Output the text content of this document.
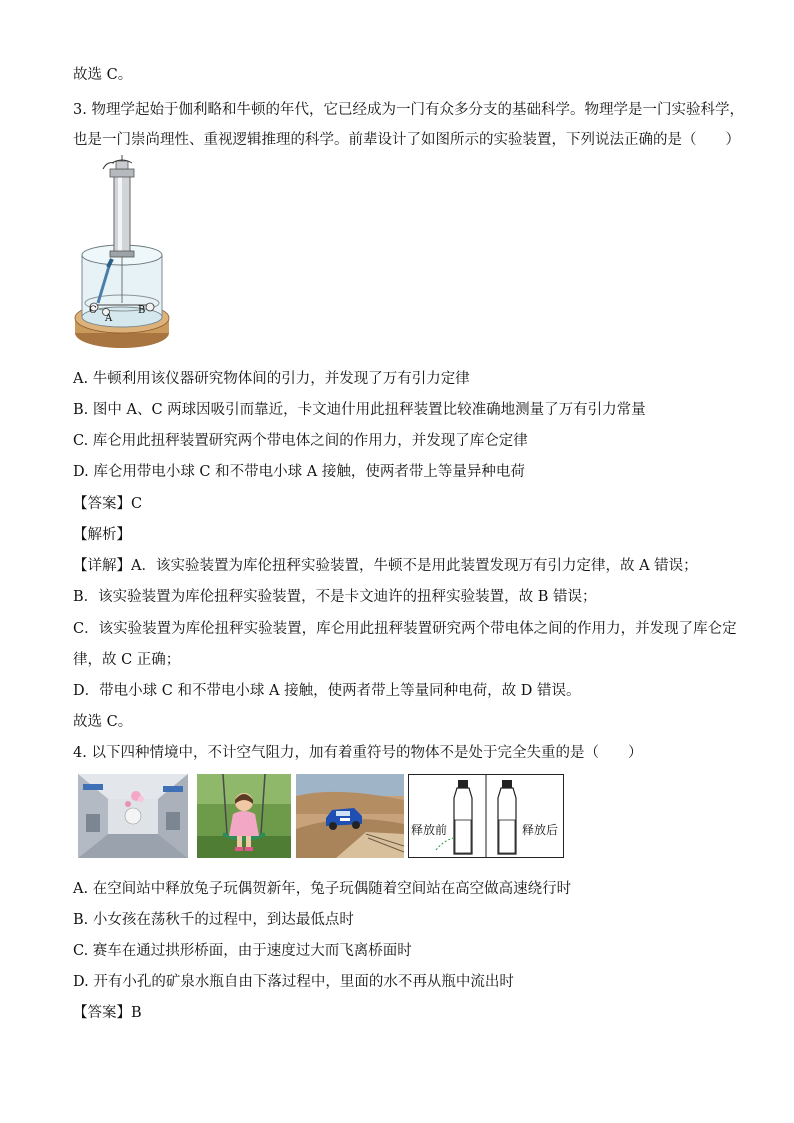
故选 C。
3. 物理学起始于伽利略和牛顿的年代，它已经成为一门有众多分支的基础科学。物理学是一门实验科学，
也是一门崇尚理性、重视逻辑推理的科学。前辈设计了如图所示的实验装置，下列说法正确的是（　　）
C
A
B
A. 牛顿利用该仪器研究物体间的引力，并发现了万有引力定律
B. 图中 A、C 两球因吸引而靠近，卡文迪什用此扭秤装置比较准确地测量了万有引力常量
C. 库仑用此扭秤装置研究两个带电体之间的作用力，并发现了库仑定律
D. 库仑用带电小球 C 和不带电小球 A 接触，使两者带上等量异种电荷
【答案】C
【解析】
【详解】A．该实验装置为库伦扭秤实验装置，牛顿不是用此装置发现万有引力定律，故 A 错误；
B．该实验装置为库伦扭秤实验装置，不是卡文迪许的扭秤实验装置，故 B 错误；
C．该实验装置为库伦扭秤实验装置，库仑用此扭秤装置研究两个带电体之间的作用力，并发现了库仑定
律，故 C 正确；
D．带电小球 C 和不带电小球 A 接触，使两者带上等量同种电荷，故 D 错误。
故选 C。
4. 以下四种情境中，不计空气阻力，加有着重符号的物体不是处于完全失重的是（　　）
释放前	释放后
A. 在空间站中释放兔子玩偶贺新年，兔子玩偶随着空间站在高空做高速绕行时
B. 小女孩在荡秋千的过程中，到达最低点时
C. 赛车在通过拱形桥面，由于速度过大而飞离桥面时
D. 开有小孔的矿泉水瓶自由下落过程中，里面的水不再从瓶中流出时
【答案】B
